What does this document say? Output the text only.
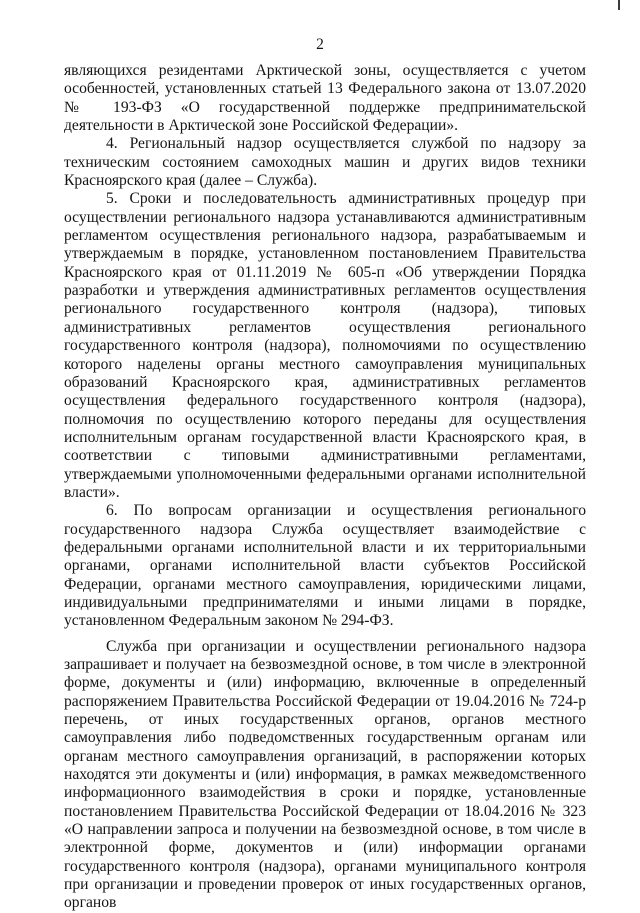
2

являющихся резидентами Арктической зоны, осуществляется с учетом особенностей, установленных статьей 13 Федерального закона от 13.07.2020 № 193-ФЗ «О государственной поддержке предпринимательской деятельности в Арктической зоне Российской Федерации».

4. Региональный надзор осуществляется службой по надзору за техническим состоянием самоходных машин и других видов техники Красноярского края (далее – Служба).

5. Сроки и последовательность административных процедур при осуществлении регионального надзора устанавливаются административным регламентом осуществления регионального надзора, разрабатываемым и утверждаемым в порядке, установленном постановлением Правительства Красноярского края от 01.11.2019 № 605-п «Об утверждении Порядка разработки и утверждения административных регламентов осуществления регионального государственного контроля (надзора), типовых административных регламентов осуществления регионального государственного контроля (надзора), полномочиями по осуществлению которого наделены органы местного самоуправления муниципальных образований Красноярского края, административных регламентов осуществления федерального государственного контроля (надзора), полномочия по осуществлению которого переданы для осуществления исполнительным органам государственной власти Красноярского края, в соответствии с типовыми административными регламентами, утверждаемыми уполномоченными федеральными органами исполнительной власти».

6. По вопросам организации и осуществления регионального государственного надзора Служба осуществляет взаимодействие с федеральными органами исполнительной власти и их территориальными органами, органами исполнительной власти субъектов Российской Федерации, органами местного самоуправления, юридическими лицами, индивидуальными предпринимателями и иными лицами в порядке, установленном Федеральным законом № 294-ФЗ.

Служба при организации и осуществлении регионального надзора запрашивает и получает на безвозмездной основе, в том числе в электронной форме, документы и (или) информацию, включенные в определенный распоряжением Правительства Российской Федерации от 19.04.2016 № 724-р перечень, от иных государственных органов, органов местного самоуправления либо подведомственных государственным органам или органам местного самоуправления организаций, в распоряжении которых находятся эти документы и (или) информация, в рамках межведомственного информационного взаимодействия в сроки и порядке, установленные постановлением Правительства Российской Федерации от 18.04.2016 № 323 «О направлении запроса и получении на безвозмездной основе, в том числе в электронной форме, документов и (или) информации органами государственного контроля (надзора), органами муниципального контроля при организации и проведении проверок от иных государственных органов, органов
